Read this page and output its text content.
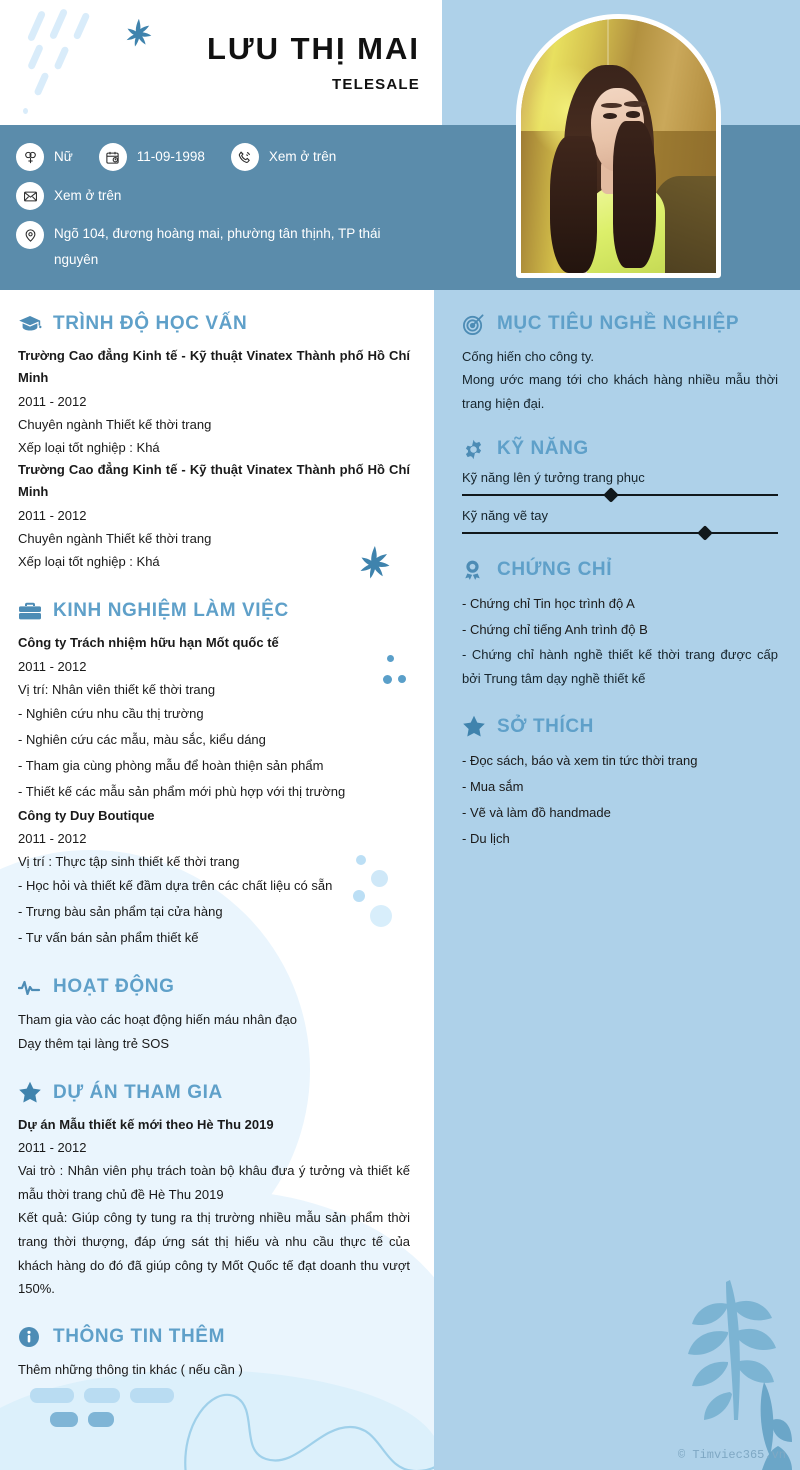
LƯU THỊ MAI
TELESALE
Nữ	11-09-1998	Xem ở trên
Xem ở trên
Ngõ 104, đương hoàng mai, phường tân thịnh, TP thái nguyên
TRÌNH ĐỘ HỌC VẤN
Trường Cao đẳng Kinh tế - Kỹ thuật Vinatex Thành phố Hồ Chí Minh
2011 - 2012
Chuyên ngành Thiết kế thời trang
Xếp loại tốt nghiệp : Khá
Trường Cao đẳng Kinh tế - Kỹ thuật Vinatex Thành phố Hồ Chí Minh
2011 - 2012
Chuyên ngành Thiết kế thời trang
Xếp loại tốt nghiệp : Khá
KINH NGHIỆM LÀM VIỆC
Công ty Trách nhiệm hữu hạn Mốt quốc tế
2011 - 2012
Vị trí: Nhân viên thiết kế thời trang
- Nghiên cứu nhu cầu thị trường
- Nghiên cứu các mẫu, màu sắc, kiểu dáng
- Tham gia cùng phòng mẫu để hoàn thiện sản phẩm
- Thiết kế các mẫu sản phẩm mới phù hợp với thị trường
Công ty Duy Boutique
2011 - 2012
Vị trí : Thực tập sinh thiết kế thời trang
- Học hỏi và thiết kế đầm dựa trên các chất liệu có sẵn
- Trưng bàu sản phẩm tại cửa hàng
- Tư vấn bán sản phẩm thiết kế
HOẠT ĐỘNG
Tham gia vào các hoạt động hiến máu nhân đạo
Dạy thêm tại làng trẻ SOS
DỰ ÁN THAM GIA
Dự án Mẫu thiết kế mới theo Hè Thu 2019
2011 - 2012
Vai trò : Nhân viên phụ trách toàn bộ khâu đưa ý tưởng và thiết kế mẫu thời trang chủ đề Hè Thu 2019
Kết quả: Giúp công ty tung ra thị trường nhiều mẫu sản phẩm thời trang thời thượng, đáp ứng sát thị hiếu và nhu cầu thực tế của khách hàng do đó đã giúp công ty Mốt Quốc tế đạt doanh thu vượt 150%.
THÔNG TIN THÊM
Thêm những thông tin khác ( nếu cần )
MỤC TIÊU NGHỀ NGHIỆP
Cống hiến cho công ty.
Mong ước mang tới cho khách hàng nhiều mẫu thời trang hiện đại.
KỸ NĂNG
Kỹ năng lên ý tưởng trang phục
Kỹ năng vẽ tay
CHỨNG CHỈ
- Chứng chỉ Tin học trình độ A
- Chứng chỉ tiếng Anh trình độ B
- Chứng chỉ hành nghề thiết kế thời trang được cấp bởi Trung tâm dạy nghề thiết kế
SỞ THÍCH
- Đọc sách, báo và xem tin tức thời trang
- Mua sắm
- Vẽ và làm đồ handmade
- Du lịch
© Timviec365.vn
